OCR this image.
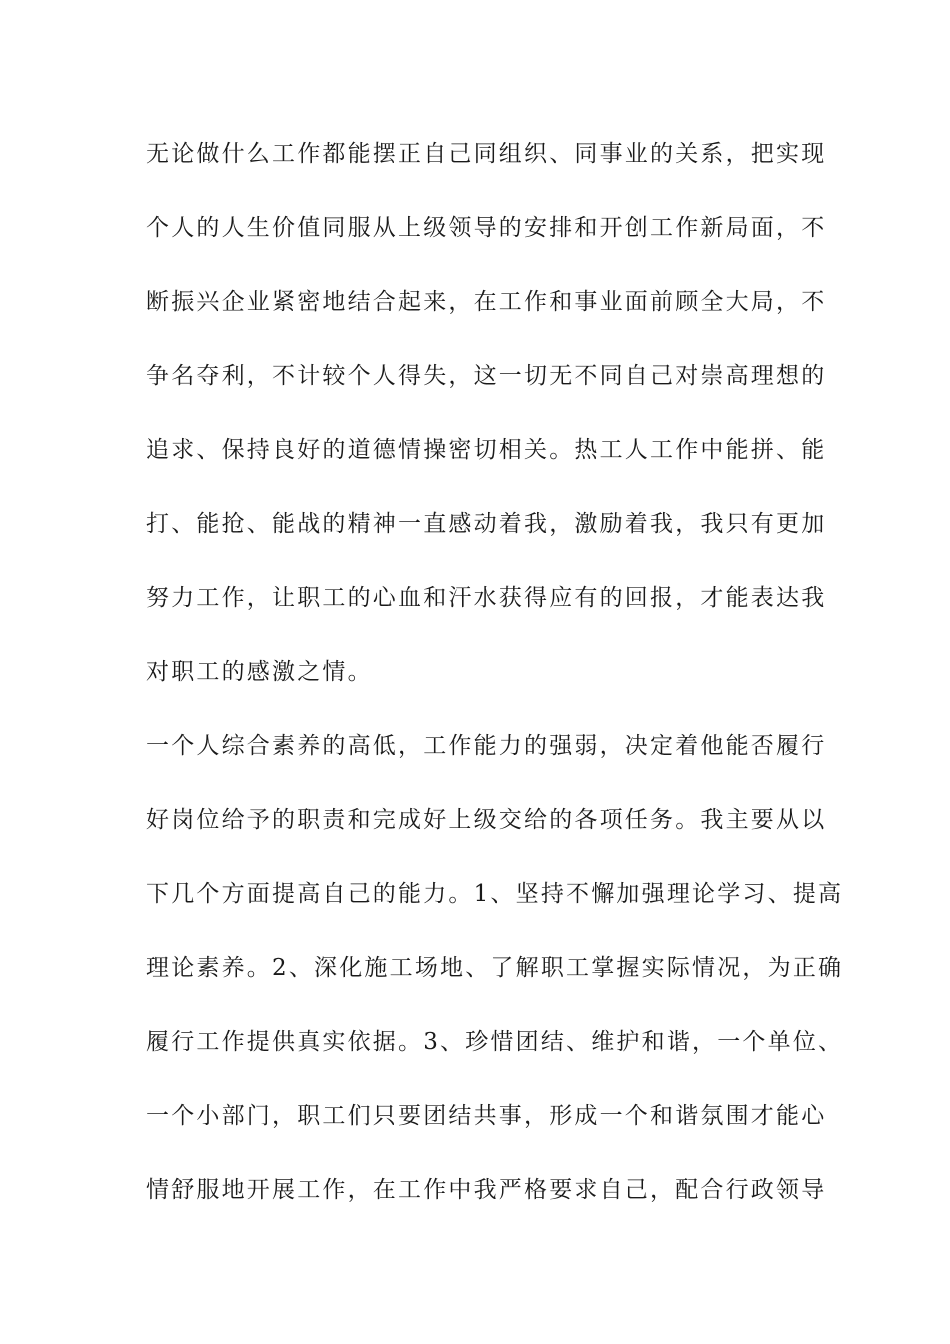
无论做什么工作都能摆正自己同组织、同事业的关系，把实现
个人的人生价值同服从上级领导的安排和开创工作新局面，不
断振兴企业紧密地结合起来，在工作和事业面前顾全大局，不
争名夺利，不计较个人得失，这一切无不同自己对崇高理想的
追求、保持良好的道德情操密切相关。热工人工作中能拼、能
打、能抢、能战的精神一直感动着我，激励着我，我只有更加
努力工作，让职工的心血和汗水获得应有的回报，才能表达我
对职工的感激之情。
一个人综合素养的高低，工作能力的强弱，决定着他能否履行
好岗位给予的职责和完成好上级交给的各项任务。我主要从以
下几个方面提高自己的能力。1、坚持不懈加强理论学习、提高
理论素养。2、深化施工场地、了解职工掌握实际情况，为正确
履行工作提供真实依据。3、珍惜团结、维护和谐，一个单位、
一个小部门，职工们只要团结共事，形成一个和谐氛围才能心
情舒服地开展工作，在工作中我严格要求自己，配合行政领导
